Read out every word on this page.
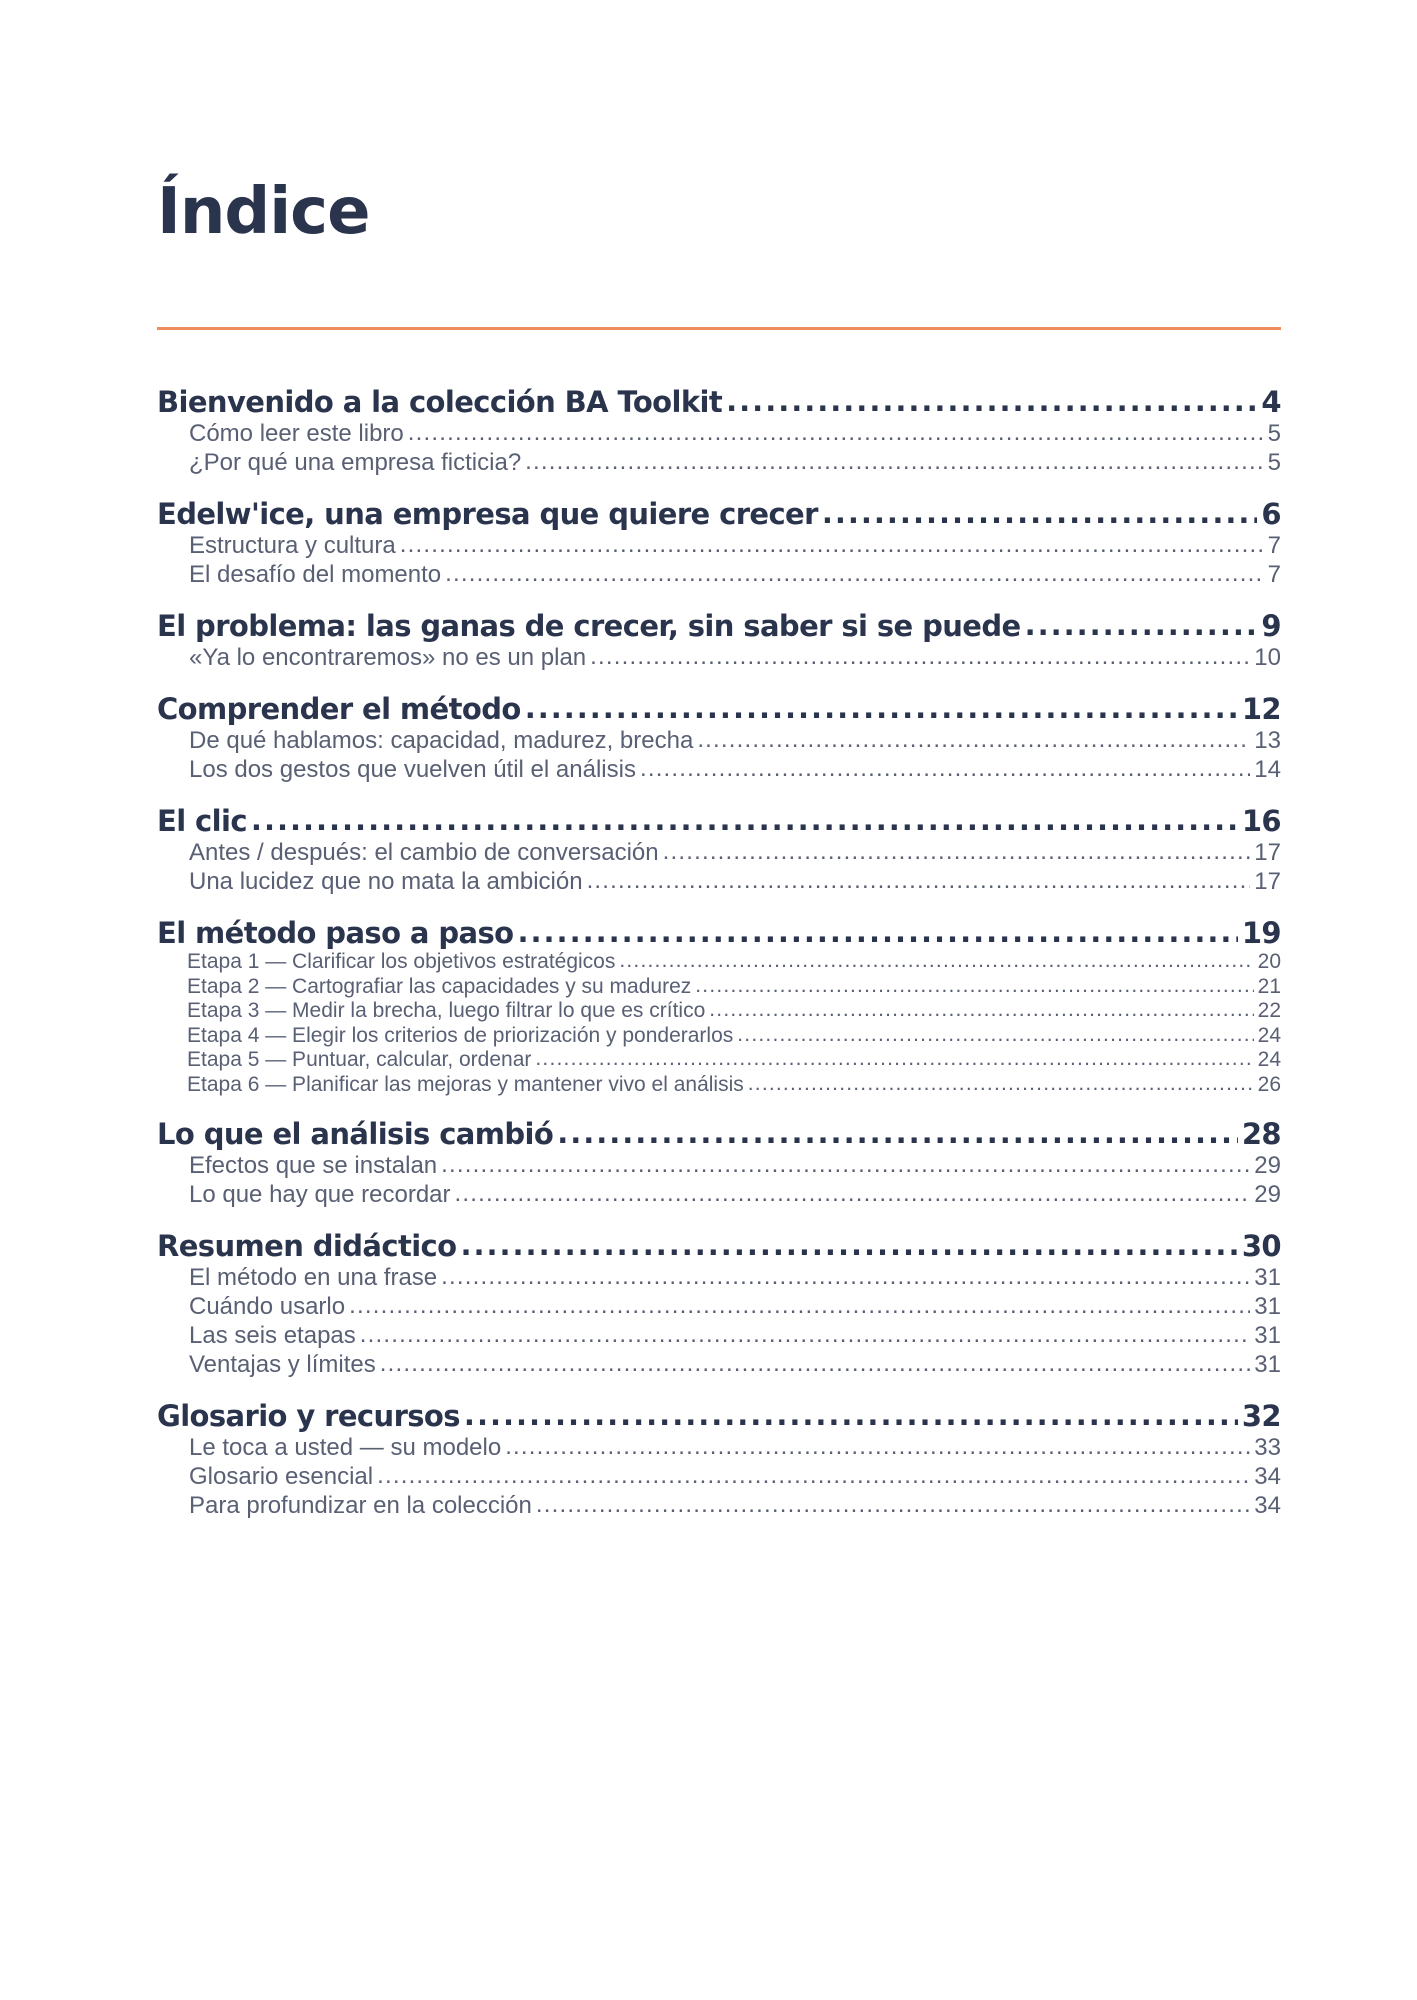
Índice
Bienvenido a la colección BA Toolkit .....	4
Cómo leer este libro .....	5
¿Por qué una empresa ficticia? .....	5
Edelw'ice, una empresa que quiere crecer .....	6
Estructura y cultura .....	7
El desafío del momento .....	7
El problema: las ganas de crecer, sin saber si se puede .....	9
«Ya lo encontraremos» no es un plan .....	10
Comprender el método .....	12
De qué hablamos: capacidad, madurez, brecha .....	13
Los dos gestos que vuelven útil el análisis .....	14
El clic .....	16
Antes / después: el cambio de conversación .....	17
Una lucidez que no mata la ambición .....	17
El método paso a paso .....	19
Etapa 1 — Clarificar los objetivos estratégicos .....	20
Etapa 2 — Cartografiar las capacidades y su madurez .....	21
Etapa 3 — Medir la brecha, luego filtrar lo que es crítico .....	22
Etapa 4 — Elegir los criterios de priorización y ponderarlos .....	24
Etapa 5 — Puntuar, calcular, ordenar .....	24
Etapa 6 — Planificar las mejoras y mantener vivo el análisis .....	26
Lo que el análisis cambió .....	28
Efectos que se instalan .....	29
Lo que hay que recordar .....	29
Resumen didáctico .....	30
El método en una frase .....	31
Cuándo usarlo .....	31
Las seis etapas .....	31
Ventajas y límites .....	31
Glosario y recursos .....	32
Le toca a usted — su modelo .....	33
Glosario esencial .....	34
Para profundizar en la colección .....	34
